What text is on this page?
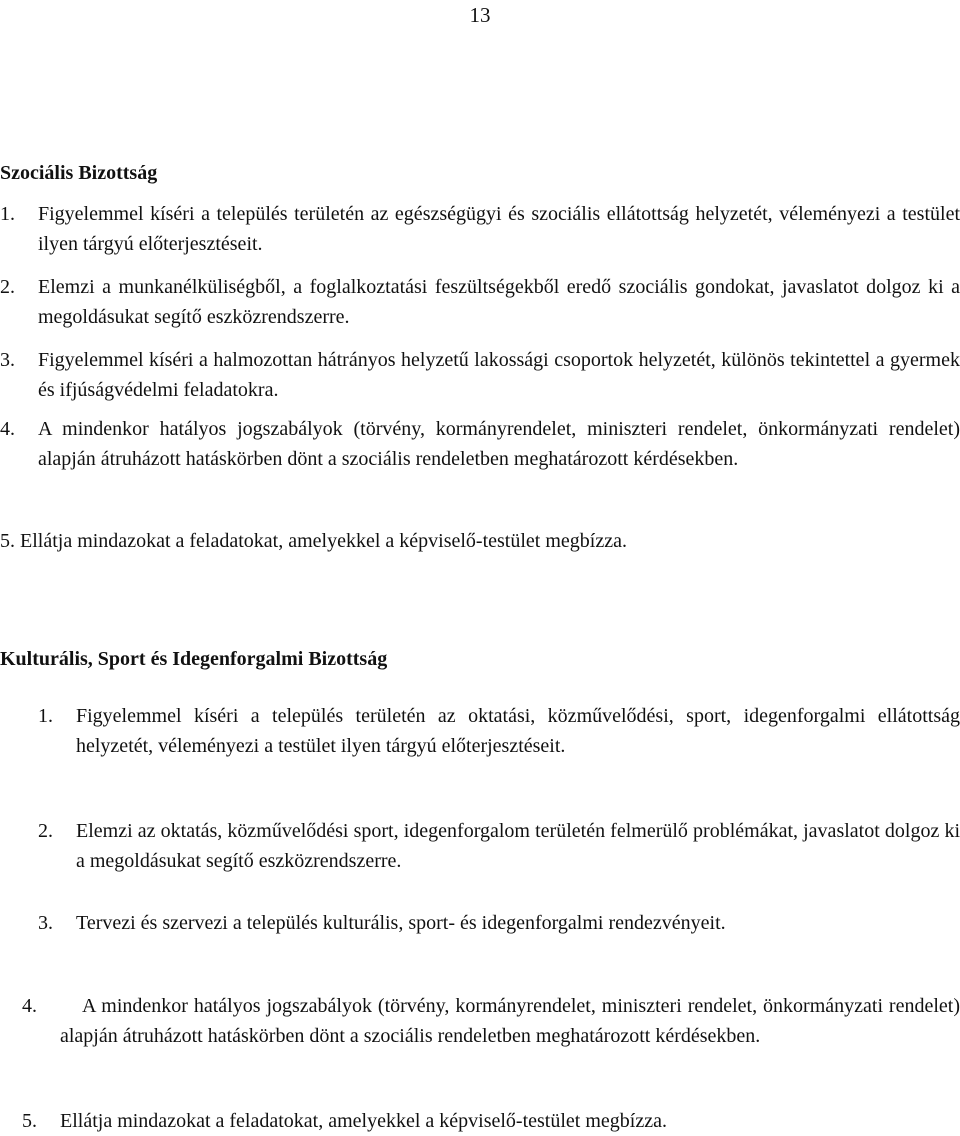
13
Szociális Bizottság
1.	Figyelemmel kíséri a település területén az egészségügyi és szociális ellátottság helyzetét, véleményezi a testület ilyen tárgyú előterjesztéseit.
2.	Elemzi a munkanélküliségből, a foglalkoztatási feszültségekből eredő szociális gondokat, javaslatot dolgoz ki a megoldásukat segítő eszközrendszerre.
3.	Figyelemmel kíséri a halmozottan hátrányos helyzetű lakossági csoportok helyzetét, különös tekintettel a gyermek és ifjúságvédelmi feladatokra.
4.	A mindenkor hatályos jogszabályok (törvény, kormányrendelet, miniszteri rendelet, önkormányzati rendelet) alapján átruházott hatáskörben dönt a szociális rendeletben meghatározott kérdésekben.
5. Ellátja mindazokat a feladatokat, amelyekkel a képviselő-testület megbízza.
Kulturális, Sport és Idegenforgalmi Bizottság
1.	Figyelemmel kíséri a település területén az oktatási, közművelődési, sport, idegenforgalmi ellátottság helyzetét, véleményezi a testület ilyen tárgyú előterjesztéseit.
2.	Elemzi az oktatás, közművelődési sport, idegenforgalom területén felmerülő problémákat, javaslatot dolgoz ki a megoldásukat segítő eszközrendszerre.
3. Tervezi és szervezi a település kulturális, sport- és idegenforgalmi rendezvényeit.
4.	A mindenkor hatályos jogszabályok (törvény, kormányrendelet, miniszteri rendelet, önkormányzati rendelet) alapján átruházott hatáskörben dönt a szociális rendeletben meghatározott kérdésekben.
5. Ellátja mindazokat a feladatokat, amelyekkel a képviselő-testület megbízza.
